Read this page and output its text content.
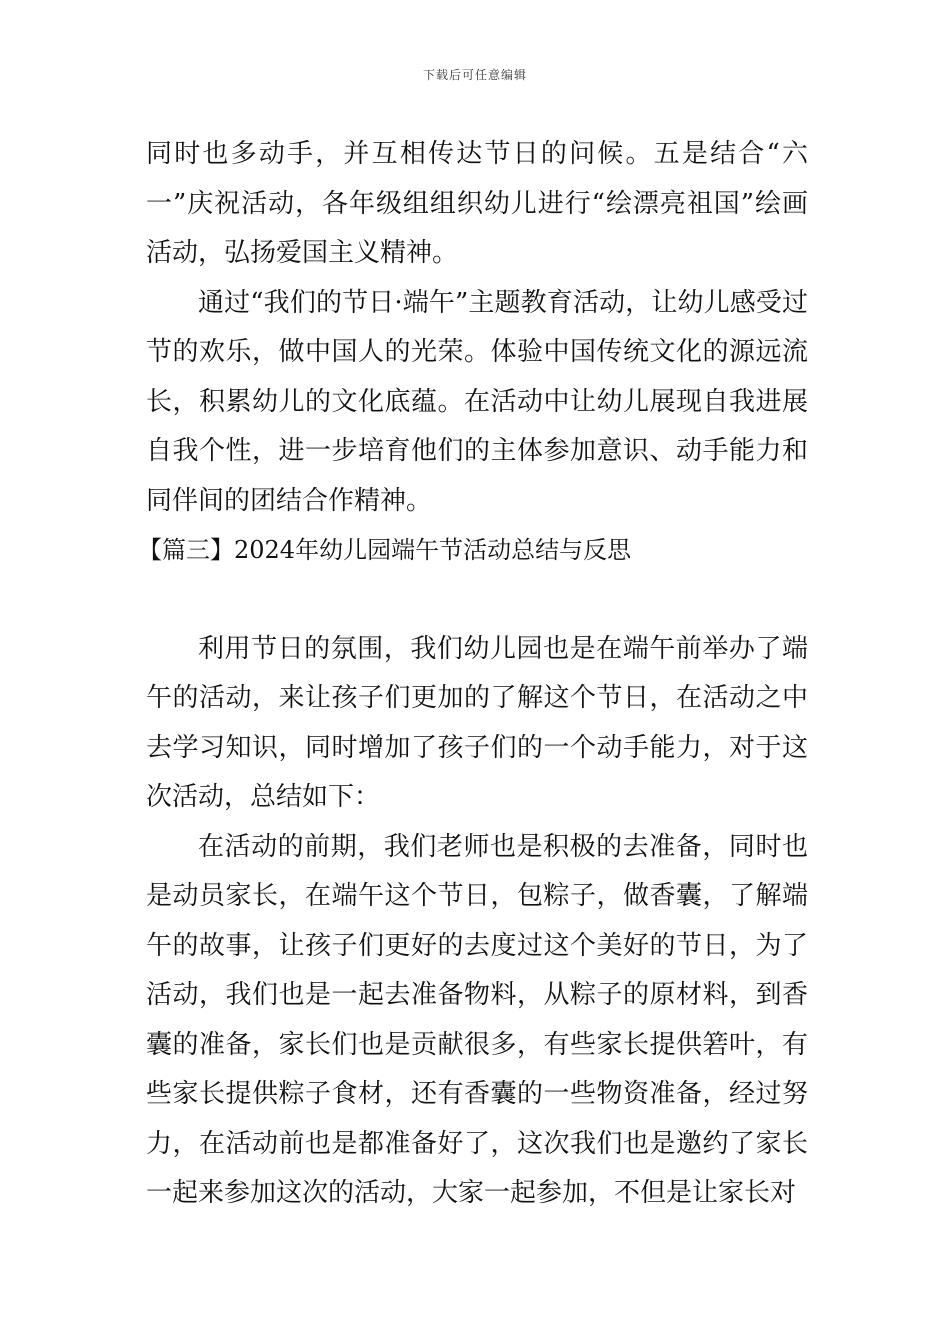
下载后可任意编辑

同时也多动手，并互相传达节日的问候。五是结合“六一”庆祝活动，各年级组组织幼儿进行“绘漂亮祖国”绘画活动，弘扬爱国主义精神。

通过“我们的节日·端午”主题教育活动，让幼儿感受过节的欢乐，做中国人的光荣。体验中国传统文化的源远流长，积累幼儿的文化底蕴。在活动中让幼儿展现自我进展自我个性，进一步培育他们的主体参加意识、动手能力和同伴间的团结合作精神。

【篇三】2024年幼儿园端午节活动总结与反思

利用节日的氛围，我们幼儿园也是在端午前举办了端午的活动，来让孩子们更加的了解这个节日，在活动之中去学习知识，同时增加了孩子们的一个动手能力，对于这次活动，总结如下：

在活动的前期，我们老师也是积极的去准备，同时也是动员家长，在端午这个节日，包粽子，做香囊，了解端午的故事，让孩子们更好的去度过这个美好的节日，为了活动，我们也是一起去准备物料，从粽子的原材料，到香囊的准备，家长们也是贡献很多，有些家长提供箬叶，有些家长提供粽子食材，还有香囊的一些物资准备，经过努力，在活动前也是都准备好了，这次我们也是邀约了家长一起来参加这次的活动，大家一起参加，不但是让家长对
